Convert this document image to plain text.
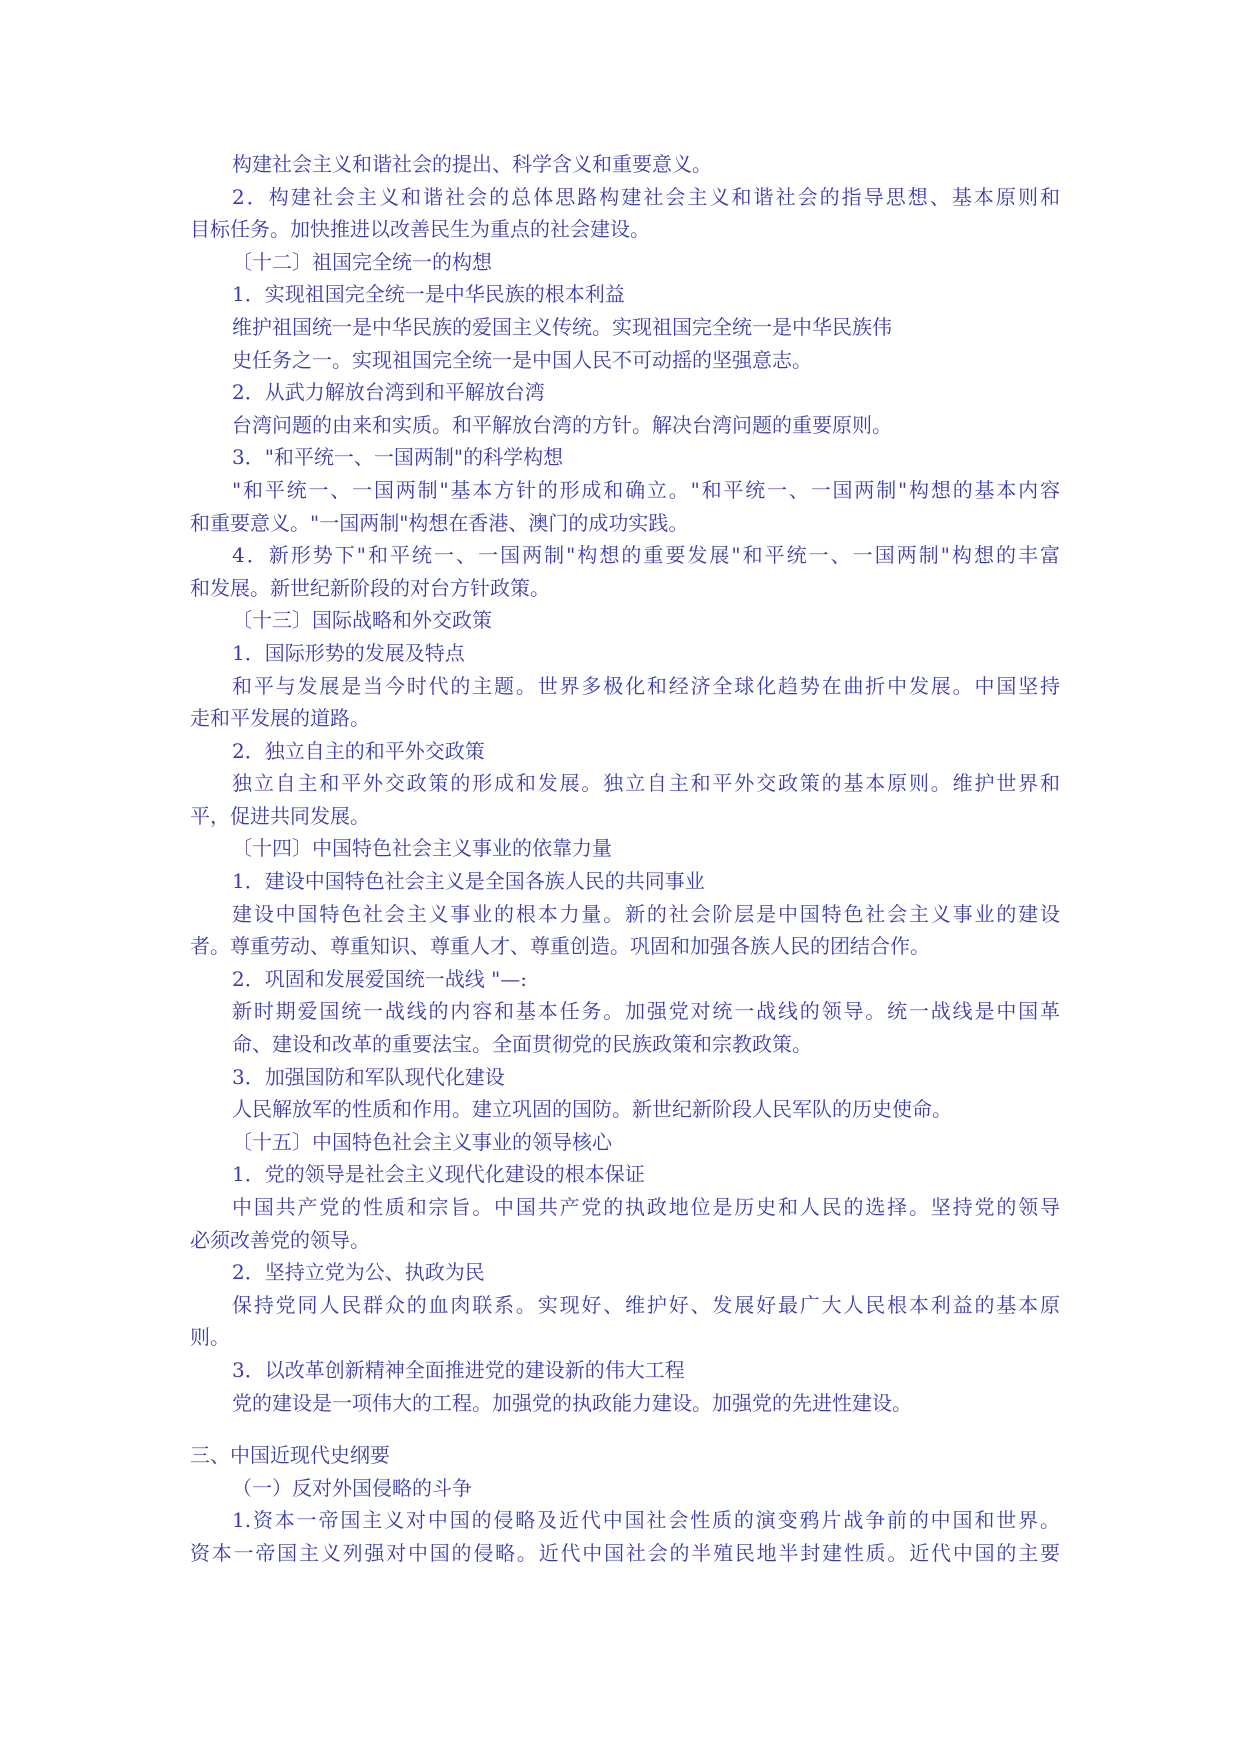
构建社会主义和谐社会的提出、科学含义和重要意义。
2．构建社会主义和谐社会的总体思路构建社会主义和谐社会的指导思想、基本原则和
目标任务。加快推进以改善民生为重点的社会建设。
〔十二〕祖国完全统一的构想
1．实现祖国完全统一是中华民族的根本利益
维护祖国统一是中华民族的爱国主义传统。实现祖国完全统一是中华民族伟
史任务之一。实现祖国完全统一是中国人民不可动摇的坚强意志。
2．从武力解放台湾到和平解放台湾
台湾问题的由来和实质。和平解放台湾的方针。解决台湾问题的重要原则。
3．"和平统一、一国两制"的科学构想
"和平统一、一国两制"基本方针的形成和确立。"和平统一、一国两制"构想的基本内容
和重要意义。"一国两制"构想在香港、澳门的成功实践。
4．新形势下"和平统一、一国两制"构想的重要发展"和平统一、一国两制"构想的丰富
和发展。新世纪新阶段的对台方针政策。
〔十三〕国际战略和外交政策
1．国际形势的发展及特点
和平与发展是当今时代的主题。世界多极化和经济全球化趋势在曲折中发展。中国坚持
走和平发展的道路。
2．独立自主的和平外交政策
独立自主和平外交政策的形成和发展。独立自主和平外交政策的基本原则。维护世界和
平，促进共同发展。
〔十四〕中国特色社会主义事业的依靠力量
1．建设中国特色社会主义是全国各族人民的共同事业
建设中国特色社会主义事业的根本力量。新的社会阶层是中国特色社会主义事业的建设
者。尊重劳动、尊重知识、尊重人才、尊重创造。巩固和加强各族人民的团结合作。
2．巩固和发展爱国统一战线 "—:
新时期爱国统一战线的内容和基本任务。加强党对统一战线的领导。统一战线是中国革
命、建设和改革的重要法宝。全面贯彻党的民族政策和宗教政策。
3．加强国防和军队现代化建设
人民解放军的性质和作用。建立巩固的国防。新世纪新阶段人民军队的历史使命。
〔十五〕中国特色社会主义事业的领导核心
1．党的领导是社会主义现代化建设的根本保证
中国共产党的性质和宗旨。中国共产党的执政地位是历史和人民的选择。坚持党的领导
必须改善党的领导。
2．坚持立党为公、执政为民
保持党同人民群众的血肉联系。实现好、维护好、发展好最广大人民根本利益的基本原
则。
3．以改革创新精神全面推进党的建设新的伟大工程
党的建设是一项伟大的工程。加强党的执政能力建设。加强党的先进性建设。
三、中国近现代史纲要
（一）反对外国侵略的斗争
1.资本一帝国主义对中国的侵略及近代中国社会性质的演变鸦片战争前的中国和世界。
资本一帝国主义列强对中国的侵略。近代中国社会的半殖民地半封建性质。近代中国的主要
